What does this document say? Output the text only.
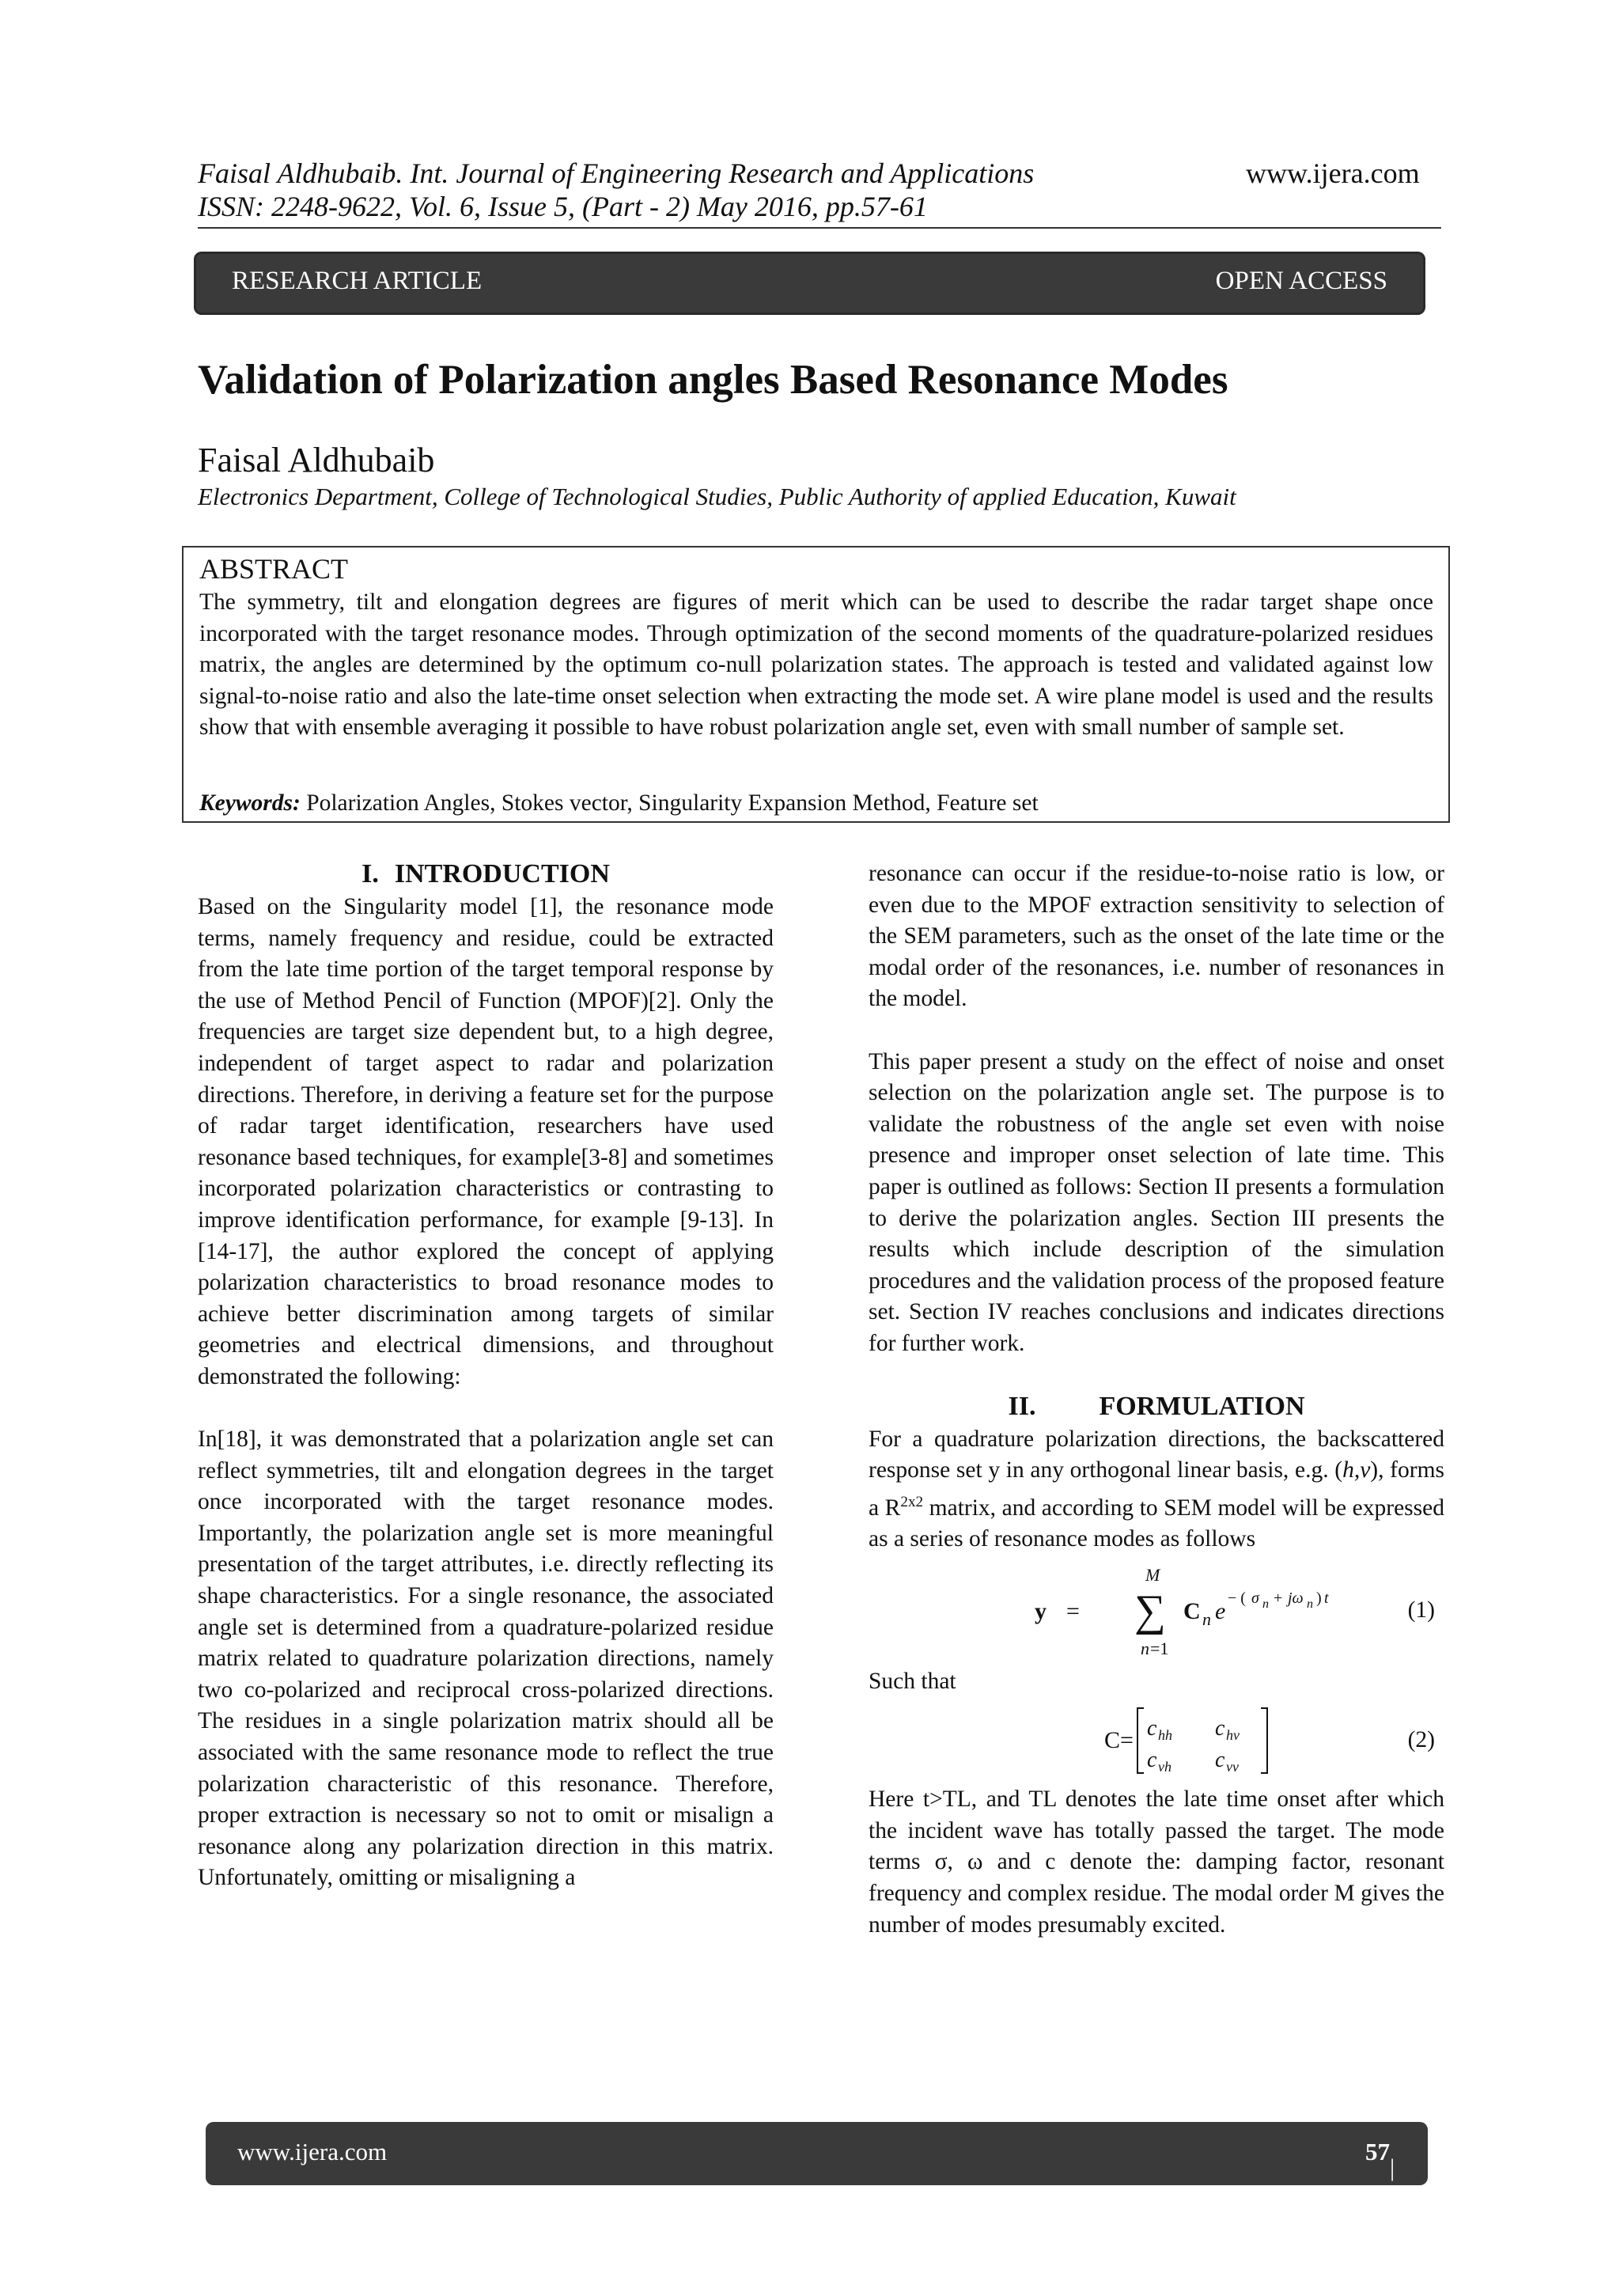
Faisal Aldhubaib. Int. Journal of Engineering Research and Applications	www.ijera.com
ISSN: 2248-9622, Vol. 6, Issue 5, (Part - 2) May 2016, pp.57-61
RESEARCH ARTICLE	OPEN ACCESS
Validation of Polarization angles Based Resonance Modes
Faisal Aldhubaib
Electronics Department, College of Technological Studies, Public Authority of applied Education, Kuwait
ABSTRACT
The symmetry, tilt and elongation degrees are figures of merit which can be used to describe the radar target shape once incorporated with the target resonance modes. Through optimization of the second moments of the quadrature-polarized residues matrix, the angles are determined by the optimum co-null polarization states. The approach is tested and validated against low signal-to-noise ratio and also the late-time onset selection when extracting the mode set. A wire plane model is used and the results show that with ensemble averaging it possible to have robust polarization angle set, even with small number of sample set.
Keywords: Polarization Angles, Stokes vector, Singularity Expansion Method, Feature set
I. INTRODUCTION

Based on the Singularity model [1], the resonance mode terms, namely frequency and residue, could be extracted from the late time portion of the target temporal response by the use of Method Pencil of Function (MPOF)[2]. Only the frequencies are target size dependent but, to a high degree, independent of target aspect to radar and polarization directions. Therefore, in deriving a feature set for the purpose of radar target identification, researchers have used resonance based techniques, for example[3-8] and sometimes incorporated polarization characteristics or contrasting to improve identification performance, for example [9-13]. In [14-17], the author explored the concept of applying polarization characteristics to broad resonance modes to achieve better discrimination among targets of similar geometries and electrical dimensions, and throughout demonstrated the following:

In[18], it was demonstrated that a polarization angle set can reflect symmetries, tilt and elongation degrees in the target once incorporated with the target resonance modes. Importantly, the polarization angle set is more meaningful presentation of the target attributes, i.e. directly reflecting its shape characteristics. For a single resonance, the associated angle set is determined from a quadrature-polarized residue matrix related to quadrature polarization directions, namely two co-polarized and reciprocal cross-polarized directions. The residues in a single polarization matrix should all be associated with the same resonance mode to reflect the true polarization characteristic of this resonance. Therefore, proper extraction is necessary so not to omit or misalign a resonance along any polarization direction in this matrix. Unfortunately, omitting or misaligning a

resonance can occur if the residue-to-noise ratio is low, or even due to the MPOF extraction sensitivity to selection of the SEM parameters, such as the onset of the late time or the modal order of the resonances, i.e. number of resonances in the model.

This paper present a study on the effect of noise and onset selection on the polarization angle set. The purpose is to validate the robustness of the angle set even with noise presence and improper onset selection of late time. This paper is outlined as follows: Section II presents a formulation to derive the polarization angles. Section III presents the results which include description of the simulation procedures and the validation process of the proposed feature set. Section IV reaches conclusions and indicates directions for further work.

II. FORMULATION

For a quadrature polarization directions, the backscattered response set y in any orthogonal linear basis, e.g. (h,v), forms a $R^{2x2}$ matrix, and according to SEM model will be expressed as a series of resonance modes as follows

M
y = ∑
n =1
C n e − ( σ n + jω n ) t	(1)

Such that

C= c hh c hv
c vh c vv
(2)

Here t>TL, and TL denotes the late time onset after which the incident wave has totally passed the target. The mode terms σ, ω and c denote the: damping factor, resonant frequency and complex residue. The modal order M gives the number of modes presumably excited.

www.ijera.com	57
| P a g e
